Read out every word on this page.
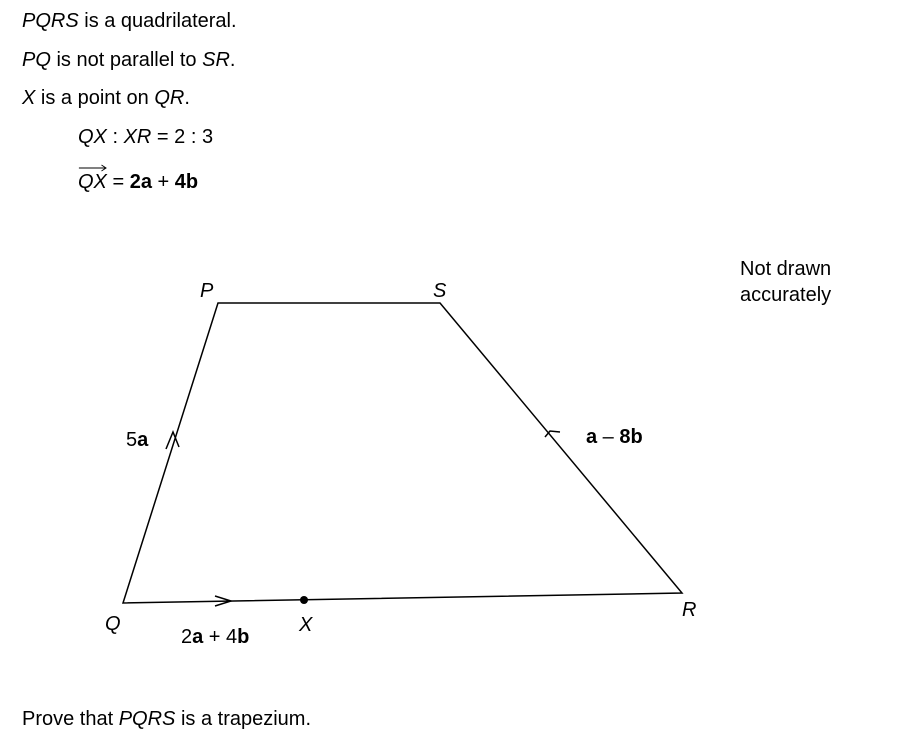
PQRS is a quadrilateral.
PQ is not parallel to SR.
X is a point on QR.
QX : XR = 2 : 3
QX = 2a + 4b
P	S
Q
R
X
5a	a – 8b
2a + 4b
Not drawn
accurately
Prove that PQRS is a trapezium.
